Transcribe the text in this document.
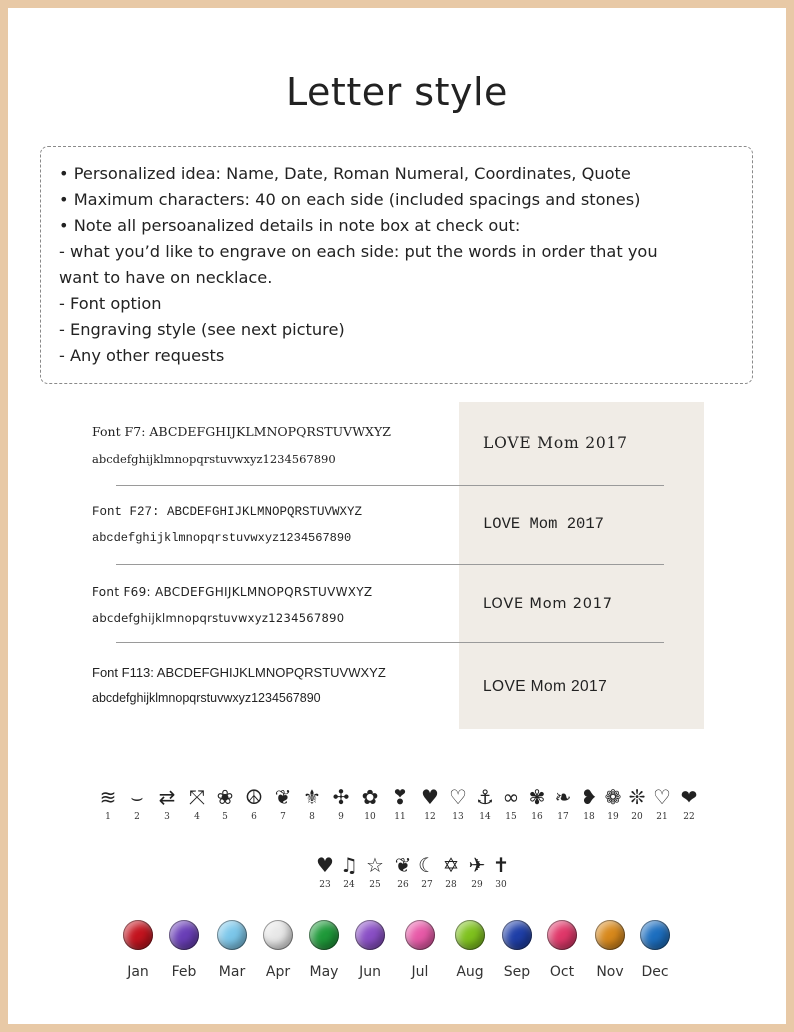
Letter style
• Personalized idea: Name, Date, Roman Numeral, Coordinates, Quote
• Maximum characters: 40 on each side (included spacings and stones)
• Note all persoanalized details in note box at check out:
- what you’d like to engrave on each side: put the words in order that you
want to have on necklace.
- Font option
- Engraving style (see next picture)
- Any other requests
Font F7: ABCDEFGHIJKLMNOPQRSTUVWXYZ
abcdefghijklmnopqrstuvwxyz1234567890
LOVE Mom 2017
Font F27: ABCDEFGHIJKLMNOPQRSTUVWXYZ
abcdefghijklmnopqrstuvwxyz1234567890
LOVE Mom 2017
Font F69: ABCDEFGHIJKLMNOPQRSTUVWXYZ
abcdefghijklmnopqrstuvwxyz1234567890
LOVE Mom 2017
Font F113: ABCDEFGHIJKLMNOPQRSTUVWXYZ
abcdefghijklmnopqrstuvwxyz1234567890
LOVE Mom 2017
≋
1
⌣
2
⇄
3
⤧
4
❀
5
☮
6
❦
7
⚜
8
✣
9
✿
10
❣
11
♥
12
♡
13
⚓
14
∞
15
✾
16
❧
17
❥
18
❁
19
❊
20
♡
21
❤
22
♥
23
♫
24
☆
25
❦
26
☾
27
✡
28
✈
29
✝
30
Jan	Feb	Mar	Apr	May	Jun	Jul	Aug	Sep	Oct	Nov	Dec
